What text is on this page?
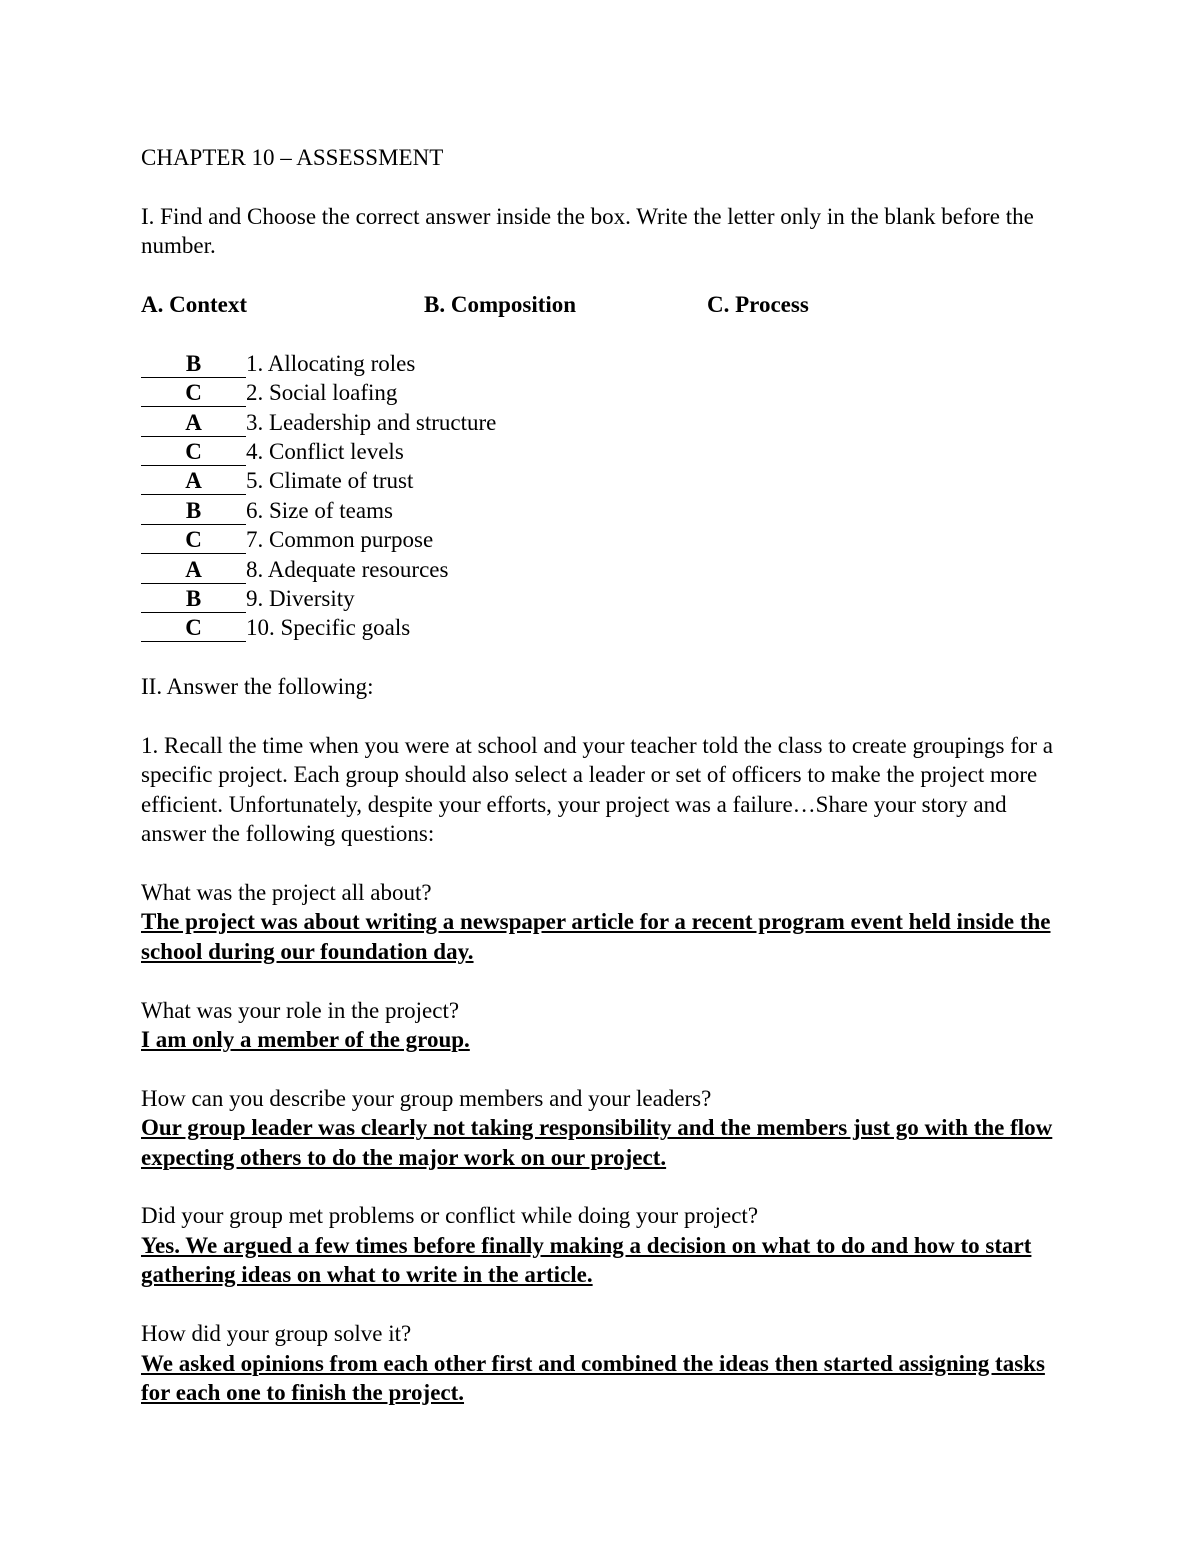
CHAPTER 10 – ASSESSMENT
I. Find and Choose the correct answer inside the box. Write the letter only in the blank before the number.
A. Context	B. Composition	C. Process
B	1. Allocating roles
C	2. Social loafing
A	3. Leadership and structure
C	4. Conflict levels
A	5. Climate of trust
B	6. Size of teams
C	7. Common purpose
A	8. Adequate resources
B	9. Diversity
C	10. Specific goals
II. Answer the following:
1. Recall the time when you were at school and your teacher told the class to create groupings for a specific project. Each group should also select a leader or set of officers to make the project more efficient. Unfortunately, despite your efforts, your project was a failure…Share your story and answer the following questions:
What was the project all about?
The project was about writing a newspaper article for a recent program event held inside the school during our foundation day.
What was your role in the project?
I am only a member of the group.
How can you describe your group members and your leaders?
Our group leader was clearly not taking responsibility and the members just go with the flow expecting others to do the major work on our project.
Did your group met problems or conflict while doing your project?
Yes. We argued a few times before finally making a decision on what to do and how to start gathering ideas on what to write in the article.
How did your group solve it?
We asked opinions from each other first and combined the ideas then started assigning tasks for each one to finish the project.
